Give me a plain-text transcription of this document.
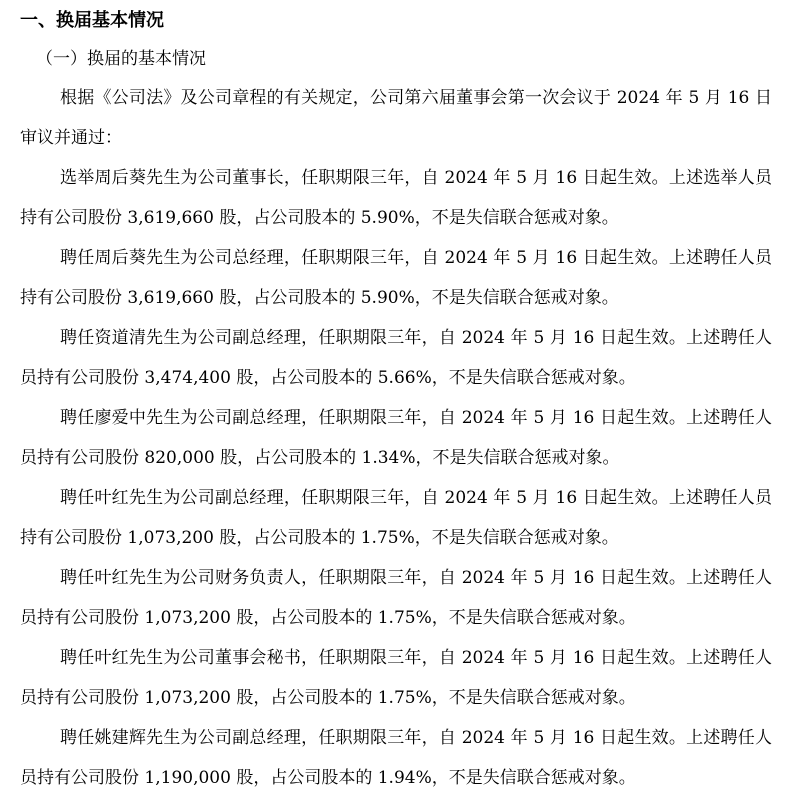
一、换届基本情况
（一）换届的基本情况

根据《公司法》及公司章程的有关规定，公司第六届董事会第一次会议于 2024 年 5 月 16 日审议并通过：

选举周后葵先生为公司董事长，任职期限三年，自 2024 年 5 月 16 日起生效。上述选举人员持有公司股份 3,619,660 股，占公司股本的 5.90%，不是失信联合惩戒对象。

聘任周后葵先生为公司总经理，任职期限三年，自 2024 年 5 月 16 日起生效。上述聘任人员持有公司股份 3,619,660 股，占公司股本的 5.90%，不是失信联合惩戒对象。

聘任资道清先生为公司副总经理，任职期限三年，自 2024 年 5 月 16 日起生效。上述聘任人员持有公司股份 3,474,400 股，占公司股本的 5.66%，不是失信联合惩戒对象。

聘任廖爱中先生为公司副总经理，任职期限三年，自 2024 年 5 月 16 日起生效。上述聘任人员持有公司股份 820,000 股，占公司股本的 1.34%，不是失信联合惩戒对象。

聘任叶红先生为公司副总经理，任职期限三年，自 2024 年 5 月 16 日起生效。上述聘任人员持有公司股份 1,073,200 股，占公司股本的 1.75%，不是失信联合惩戒对象。

聘任叶红先生为公司财务负责人，任职期限三年，自 2024 年 5 月 16 日起生效。上述聘任人员持有公司股份 1,073,200 股，占公司股本的 1.75%，不是失信联合惩戒对象。

聘任叶红先生为公司董事会秘书，任职期限三年，自 2024 年 5 月 16 日起生效。上述聘任人员持有公司股份 1,073,200 股，占公司股本的 1.75%，不是失信联合惩戒对象。

聘任姚建辉先生为公司副总经理，任职期限三年，自 2024 年 5 月 16 日起生效。上述聘任人员持有公司股份 1,190,000 股，占公司股本的 1.94%，不是失信联合惩戒对象。
